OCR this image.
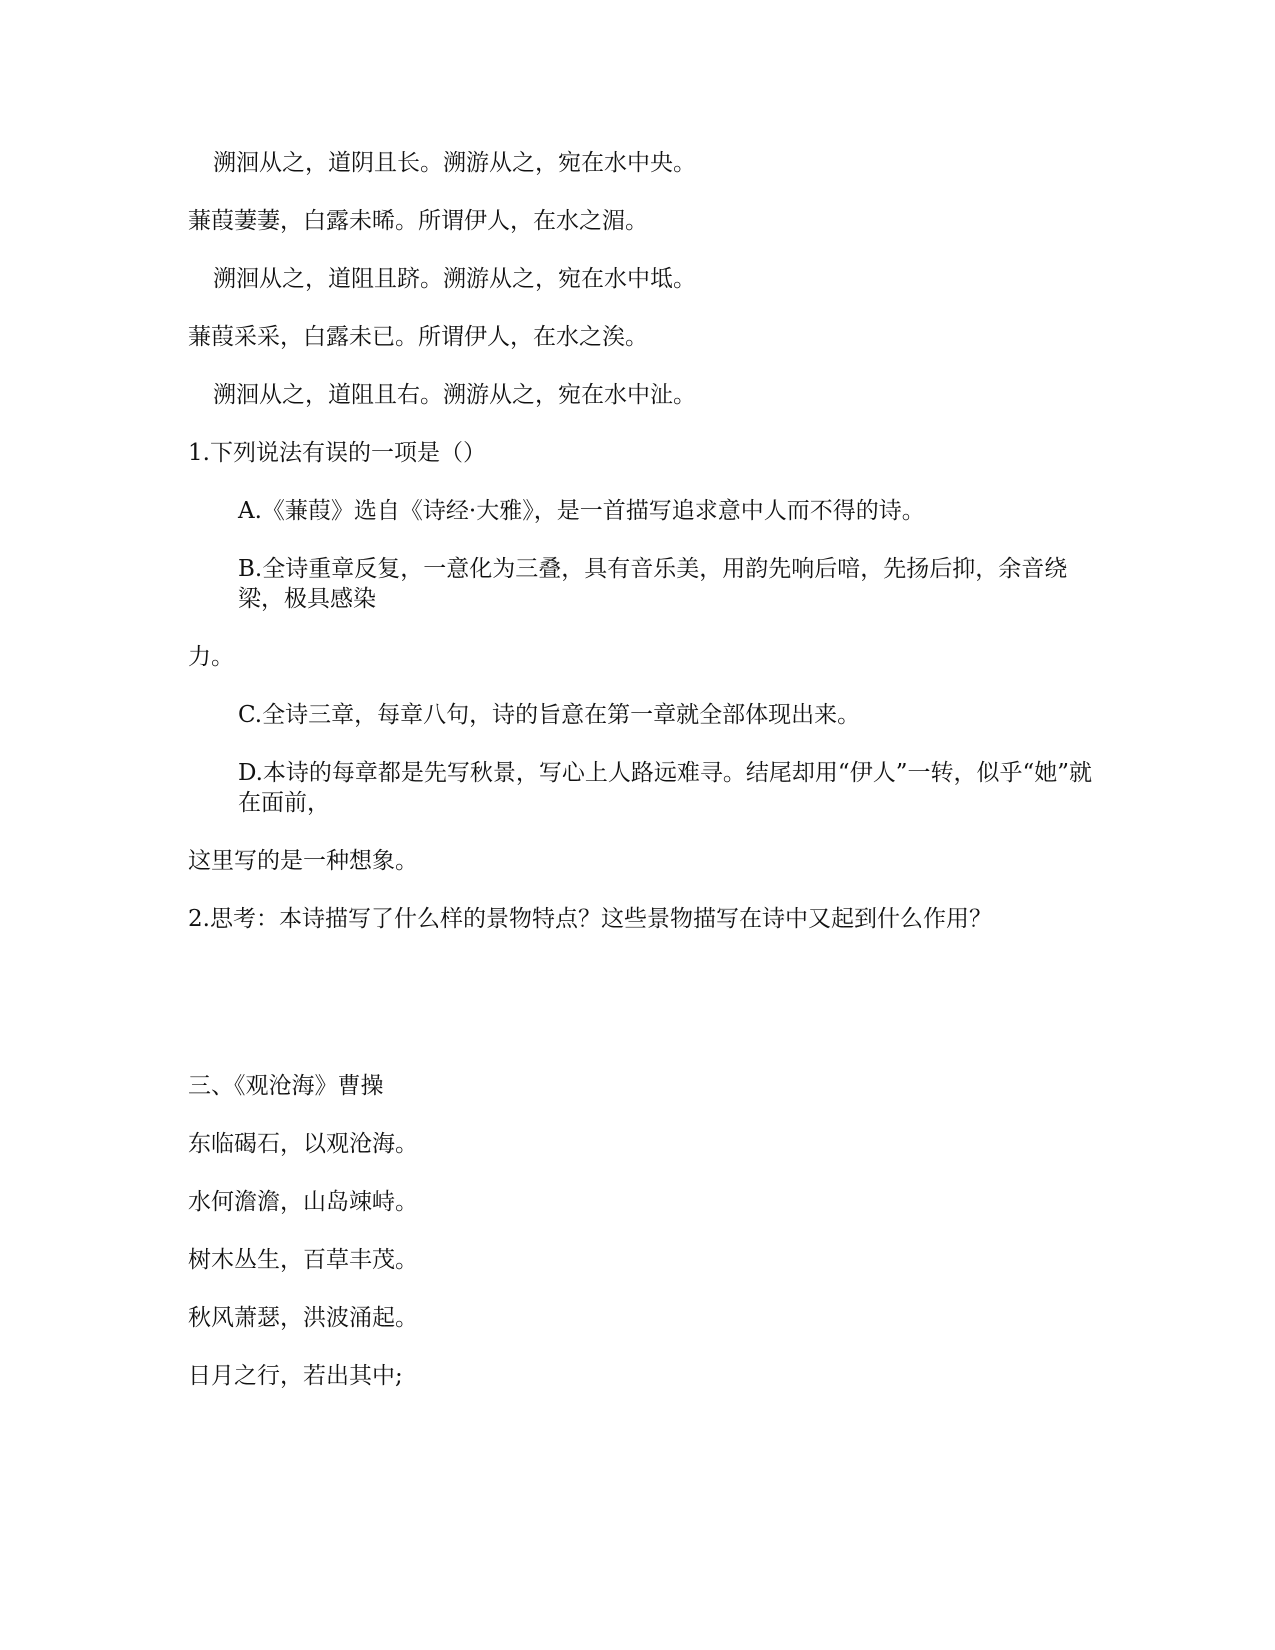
溯洄从之，道阴且长。溯游从之，宛在水中央。
蒹葭萋萋，白露未晞。所谓伊人，在水之湄。
溯洄从之，道阻且跻。溯游从之，宛在水中坻。
蒹葭采采，白露未已。所谓伊人，在水之涘。
溯洄从之，道阻且右。溯游从之，宛在水中沚。
1.下列说法有误的一项是（）
A.《蒹葭》选自《诗经·大雅》，是一首描写追求意中人而不得的诗。
B.全诗重章反复，一意化为三叠，具有音乐美，用韵先响后喑，先扬后抑，余音绕梁，极具感染
力。
C.全诗三章，每章八句，诗的旨意在第一章就全部体现出来。
D.本诗的每章都是先写秋景，写心上人路远难寻。结尾却用“伊人”一转，似乎“她”就在面前，
这里写的是一种想象。
2.思考：本诗描写了什么样的景物特点？这些景物描写在诗中又起到什么作用？
三、《观沧海》曹操
东临碣石，以观沧海。
水何澹澹，山岛竦峙。
树木丛生，百草丰茂。
秋风萧瑟，洪波涌起。
日月之行，若出其中;
